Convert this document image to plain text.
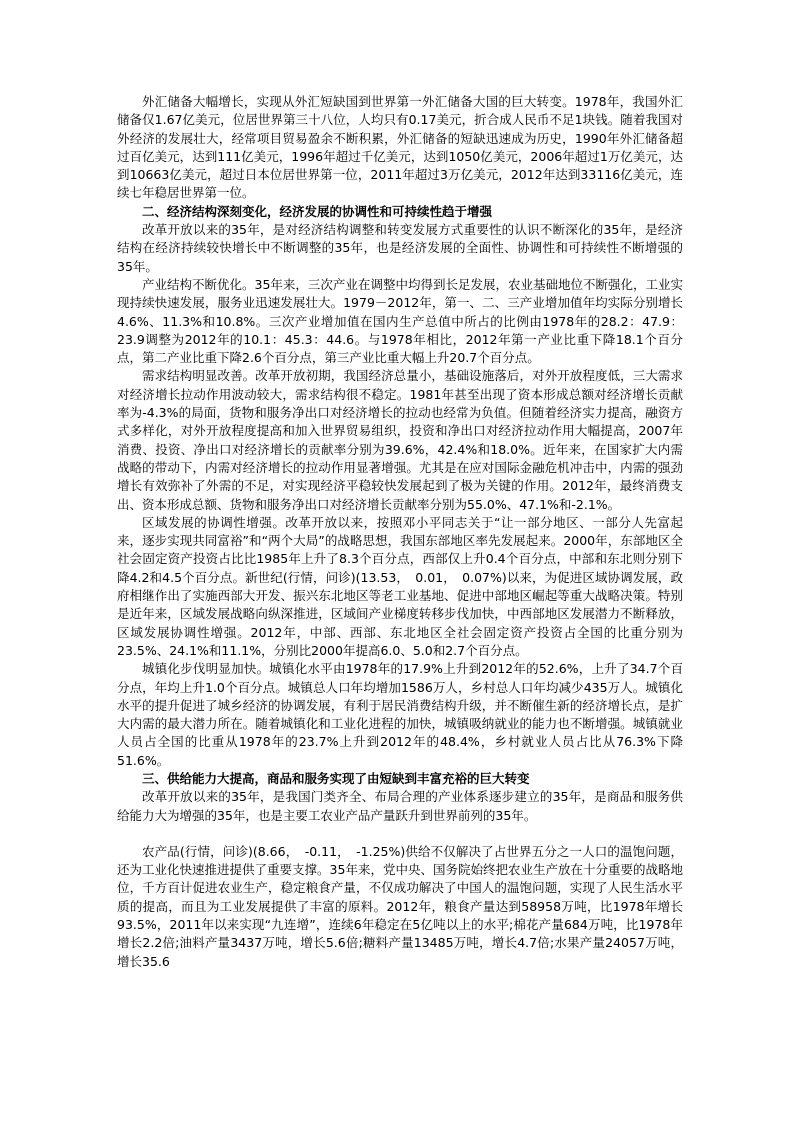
外汇储备大幅增长，实现从外汇短缺国到世界第一外汇储备大国的巨大转变。1978年，我国外汇储备仅1.67亿美元，位居世界第三十八位，人均只有0.17美元，折合成人民币不足1块钱。随着我国对外经济的发展壮大，经常项目贸易盈余不断积累，外汇储备的短缺迅速成为历史，1990年外汇储备超过百亿美元，达到111亿美元，1996年超过千亿美元，达到1050亿美元，2006年超过1万亿美元，达到10663亿美元，超过日本位居世界第一位，2011年超过3万亿美元，2012年达到33116亿美元，连续七年稳居世界第一位。

二、经济结构深刻变化，经济发展的协调性和可持续性趋于增强

改革开放以来的35年，是对经济结构调整和转变发展方式重要性的认识不断深化的35年，是经济结构在经济持续较快增长中不断调整的35年，也是经济发展的全面性、协调性和可持续性不断增强的35年。

产业结构不断优化。35年来，三次产业在调整中均得到长足发展，农业基础地位不断强化，工业实现持续快速发展，服务业迅速发展壮大。1979－2012年，第一、二、三产业增加值年均实际分别增长4.6%、11.3%和10.8%。三次产业增加值在国内生产总值中所占的比例由1978年的28.2：47.9：23.9调整为2012年的10.1：45.3：44.6。与1978年相比，2012年第一产业比重下降18.1个百分点，第二产业比重下降2.6个百分点，第三产业比重大幅上升20.7个百分点。

需求结构明显改善。改革开放初期，我国经济总量小，基础设施落后，对外开放程度低，三大需求对经济增长拉动作用波动较大，需求结构很不稳定。1981年甚至出现了资本形成总额对经济增长贡献率为-4.3%的局面，货物和服务净出口对经济增长的拉动也经常为负值。但随着经济实力提高，融资方式多样化，对外开放程度提高和加入世界贸易组织，投资和净出口对经济拉动作用大幅提高，2007年消费、投资、净出口对经济增长的贡献率分别为39.6%，42.4%和18.0%。近年来，在国家扩大内需战略的带动下，内需对经济增长的拉动作用显著增强。尤其是在应对国际金融危机冲击中，内需的强劲增长有效弥补了外需的不足，对实现经济平稳较快发展起到了极为关键的作用。2012年，最终消费支出、资本形成总额、货物和服务净出口对经济增长贡献率分别为55.0%、47.1%和-2.1%。

区域发展的协调性增强。改革开放以来，按照邓小平同志关于“让一部分地区、一部分人先富起来，逐步实现共同富裕”和“两个大局”的战略思想，我国东部地区率先发展起来。2000年，东部地区全社会固定资产投资占比比1985年上升了8.3个百分点，西部仅上升0.4个百分点，中部和东北则分别下降4.2和4.5个百分点。新世纪(行情，问诊)(13.53，　0.01，　0.07%)以来，为促进区域协调发展，政府相继作出了实施西部大开发、振兴东北地区等老工业基地、促进中部地区崛起等重大战略决策。特别是近年来，区域发展战略向纵深推进，区域间产业梯度转移步伐加快，中西部地区发展潜力不断释放，区域发展协调性增强。2012年，中部、西部、东北地区全社会固定资产投资占全国的比重分别为23.5%、24.1%和11.1%，分别比2000年提高6.0、5.0和2.7个百分点。

城镇化步伐明显加快。城镇化水平由1978年的17.9%上升到2012年的52.6%，上升了34.7个百分点，年均上升1.0个百分点。城镇总人口年均增加1586万人，乡村总人口年均减少435万人。城镇化水平的提升促进了城乡经济的协调发展，有利于居民消费结构升级，并不断催生新的经济增长点，是扩大内需的最大潜力所在。随着城镇化和工业化进程的加快，城镇吸纳就业的能力也不断增强。城镇就业人员占全国的比重从1978年的23.7%上升到2012年的48.4%，乡村就业人员占比从76.3%下降51.6%。

三、供给能力大提高，商品和服务实现了由短缺到丰富充裕的巨大转变

改革开放以来的35年，是我国门类齐全、布局合理的产业体系逐步建立的35年，是商品和服务供给能力大为增强的35年，也是主要工农业产品产量跃升到世界前列的35年。

农产品(行情，问诊)(8.66，　-0.11，　-1.25%)供给不仅解决了占世界五分之一人口的温饱问题，还为工业化快速推进提供了重要支撑。35年来，党中央、国务院始终把农业生产放在十分重要的战略地位，千方百计促进农业生产，稳定粮食产量，不仅成功解决了中国人的温饱问题，实现了人民生活水平质的提高，而且为工业发展提供了丰富的原料。2012年，粮食产量达到58958万吨，比1978年增长93.5%，2011年以来实现“九连增”，连续6年稳定在5亿吨以上的水平;棉花产量684万吨，比1978年增长2.2倍;油料产量3437万吨，增长5.6倍;糖料产量13485万吨，增长4.7倍;水果产量24057万吨，增长35.6
